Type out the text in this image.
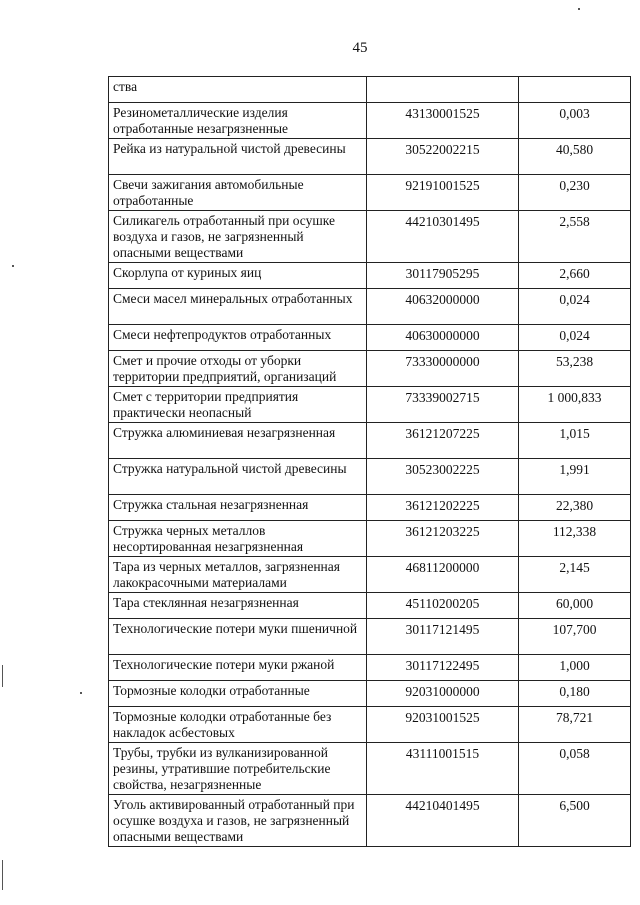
45
ства		
Резинометаллические изделия отработанные незагрязненные	43130001525	0,003
Рейка из натуральной чистой древесины	30522002215	40,580
Свечи зажигания автомобильные отработанные	92191001525	0,230
Силикагель отработанный при осушке воздуха и газов, не загрязненный опасными веществами	44210301495	2,558
Скорлупа от куриных яиц	30117905295	2,660
Смеси масел минеральных отработанных	40632000000	0,024
Смеси нефтепродуктов отработанных	40630000000	0,024
Смет и прочие отходы от уборки территории предприятий, организаций	73330000000	53,238
Смет с территории предприятия практически неопасный	73339002715	1 000,833
Стружка алюминиевая незагрязненная	36121207225	1,015
Стружка натуральной чистой древесины	30523002225	1,991
Стружка стальная незагрязненная	36121202225	22,380
Стружка черных металлов несортированная незагрязненная	36121203225	112,338
Тара из черных металлов, загрязненная лакокрасочными материалами	46811200000	2,145
Тара стеклянная незагрязненная	45110200205	60,000
Технологические потери муки пшеничной	30117121495	107,700
Технологические потери муки ржаной	30117122495	1,000
Тормозные колодки отработанные	92031000000	0,180
Тормозные колодки отработанные без накладок асбестовых	92031001525	78,721
Трубы, трубки из вулканизированной резины, утратившие потребительские свойства, незагрязненные	43111001515	0,058
Уголь активированный отработанный при осушке воздуха и газов, не загрязненный опасными веществами	44210401495	6,500
